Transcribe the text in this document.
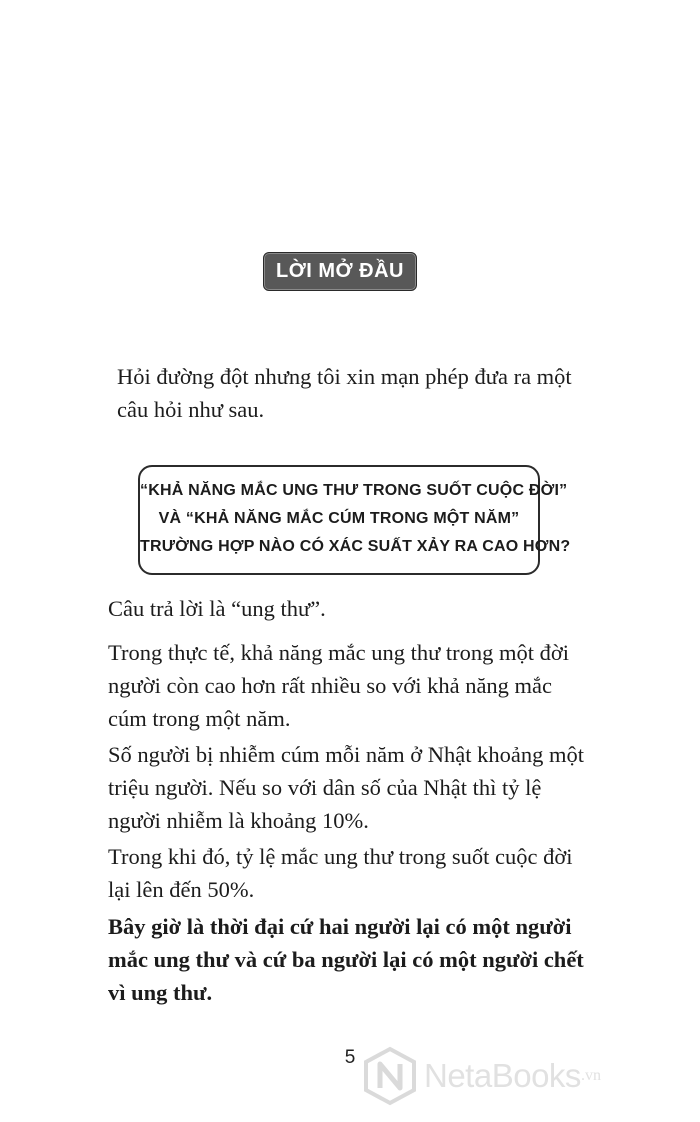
LỜI MỞ ĐẦU

Hỏi đường đột nhưng tôi xin mạn phép đưa ra một câu hỏi như sau.

“KHẢ NĂNG MẮC UNG THƯ TRONG SUỐT CUỘC ĐỜI”
VÀ “KHẢ NĂNG MẮC CÚM TRONG MỘT NĂM”
TRƯỜNG HỢP NÀO CÓ XÁC SUẤT XẢY RA CAO HƠN?

Câu trả lời là “ung thư”.

Trong thực tế, khả năng mắc ung thư trong một đời người còn cao hơn rất nhiều so với khả năng mắc cúm trong một năm.

Số người bị nhiễm cúm mỗi năm ở Nhật khoảng một triệu người. Nếu so với dân số của Nhật thì tỷ lệ người nhiễm là khoảng 10%.

Trong khi đó, tỷ lệ mắc ung thư trong suốt cuộc đời lại lên đến 50%.

Bây giờ là thời đại cứ hai người lại có một người mắc ung thư và cứ ba người lại có một người chết vì ung thư.

5	NetaBooks .vn
